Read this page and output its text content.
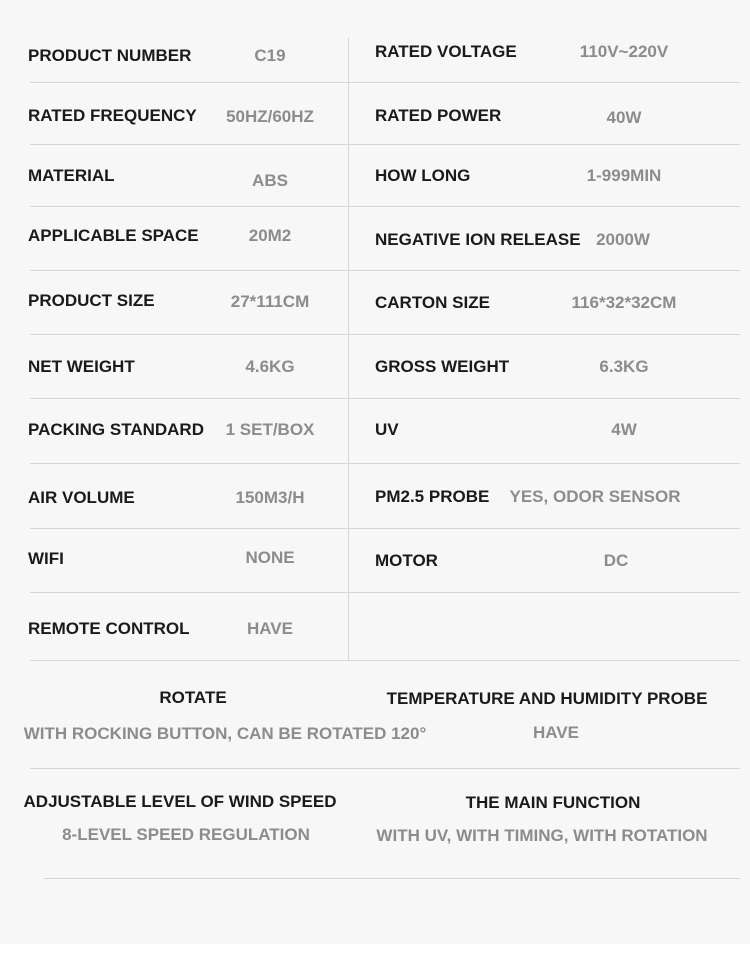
PRODUCT NUMBER	C19	RATED VOLTAGE	110V~220V
RATED FREQUENCY 50HZ/60HZ	RATED POWER	40W
MATERIAL	ABS	HOW LONG	1-999MIN
APPLICABLE SPACE	20M2	NEGATIVE ION RELEASE 2000W
PRODUCT SIZE	27*111CM	CARTON SIZE	116*32*32CM
NET WEIGHT	4.6KG	GROSS WEIGHT	6.3KG
PACKING STANDARD 1 SET/BOX	UV	4W
AIR VOLUME	150M3/H	PM2.5 PROBE YES, ODOR SENSOR
WIFI	NONE	MOTOR	DC
REMOTE CONTROL	HAVE
ROTATE
WITH ROCKING BUTTON, CAN BE ROTATED 120°
TEMPERATURE AND HUMIDITY PROBE
HAVE
ADJUSTABLE LEVEL OF WIND SPEED
8-LEVEL SPEED REGULATION
THE MAIN FUNCTION
WITH UV, WITH TIMING, WITH ROTATION
